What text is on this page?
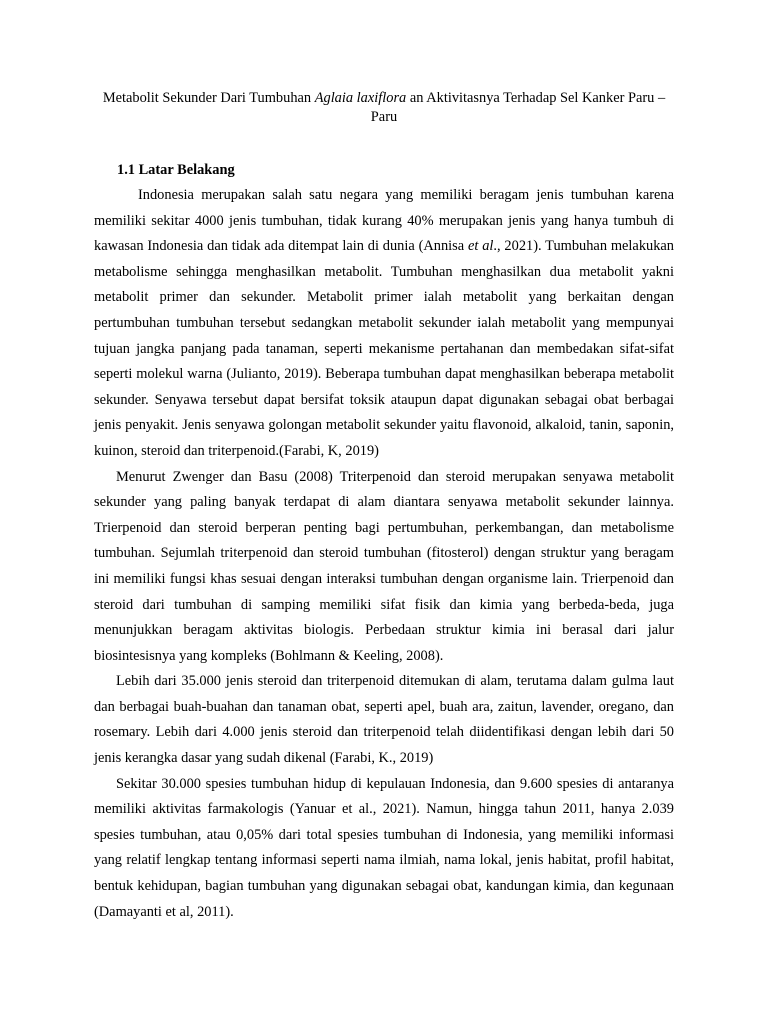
Metabolit Sekunder Dari Tumbuhan Aglaia laxiflora an Aktivitasnya Terhadap Sel Kanker Paru – Paru
1.1 Latar Belakang

Indonesia merupakan salah satu negara yang memiliki beragam jenis tumbuhan karena memiliki sekitar 4000 jenis tumbuhan, tidak kurang 40% merupakan jenis yang hanya tumbuh di kawasan Indonesia dan tidak ada ditempat lain di dunia (Annisa et al., 2021). Tumbuhan melakukan metabolisme sehingga menghasilkan metabolit. Tumbuhan menghasilkan dua metabolit yakni metabolit primer dan sekunder. Metabolit primer ialah metabolit yang berkaitan dengan pertumbuhan tumbuhan tersebut sedangkan metabolit sekunder ialah metabolit yang mempunyai tujuan jangka panjang pada tanaman, seperti mekanisme pertahanan dan membedakan sifat-sifat seperti molekul warna (Julianto, 2019). Beberapa tumbuhan dapat menghasilkan beberapa metabolit sekunder. Senyawa tersebut dapat bersifat toksik ataupun dapat digunakan sebagai obat berbagai jenis penyakit. Jenis senyawa golongan metabolit sekunder yaitu flavonoid, alkaloid, tanin, saponin, kuinon, steroid dan triterpenoid.(Farabi, K, 2019)

Menurut Zwenger dan Basu (2008) Triterpenoid dan steroid merupakan senyawa metabolit sekunder yang paling banyak terdapat di alam diantara senyawa metabolit sekunder lainnya. Trierpenoid dan steroid berperan penting bagi pertumbuhan, perkembangan, dan metabolisme tumbuhan. Sejumlah triterpenoid dan steroid tumbuhan (fitosterol) dengan struktur yang beragam ini memiliki fungsi khas sesuai dengan interaksi tumbuhan dengan organisme lain. Trierpenoid dan steroid dari tumbuhan di samping memiliki sifat fisik dan kimia yang berbeda-beda, juga menunjukkan beragam aktivitas biologis. Perbedaan struktur kimia ini berasal dari jalur biosintesisnya yang kompleks (Bohlmann & Keeling, 2008).

Lebih dari 35.000 jenis steroid dan triterpenoid ditemukan di alam, terutama dalam gulma laut dan berbagai buah-buahan dan tanaman obat, seperti apel, buah ara, zaitun, lavender, oregano, dan rosemary. Lebih dari 4.000 jenis steroid dan triterpenoid telah diidentifikasi dengan lebih dari 50 jenis kerangka dasar yang sudah dikenal (Farabi, K., 2019)

Sekitar 30.000 spesies tumbuhan hidup di kepulauan Indonesia, dan 9.600 spesies di antaranya memiliki aktivitas farmakologis (Yanuar et al., 2021). Namun, hingga tahun 2011, hanya 2.039 spesies tumbuhan, atau 0,05% dari total spesies tumbuhan di Indonesia, yang memiliki informasi yang relatif lengkap tentang informasi seperti nama ilmiah, nama lokal, jenis habitat, profil habitat, bentuk kehidupan, bagian tumbuhan yang digunakan sebagai obat, kandungan kimia, dan kegunaan (Damayanti et al, 2011).
